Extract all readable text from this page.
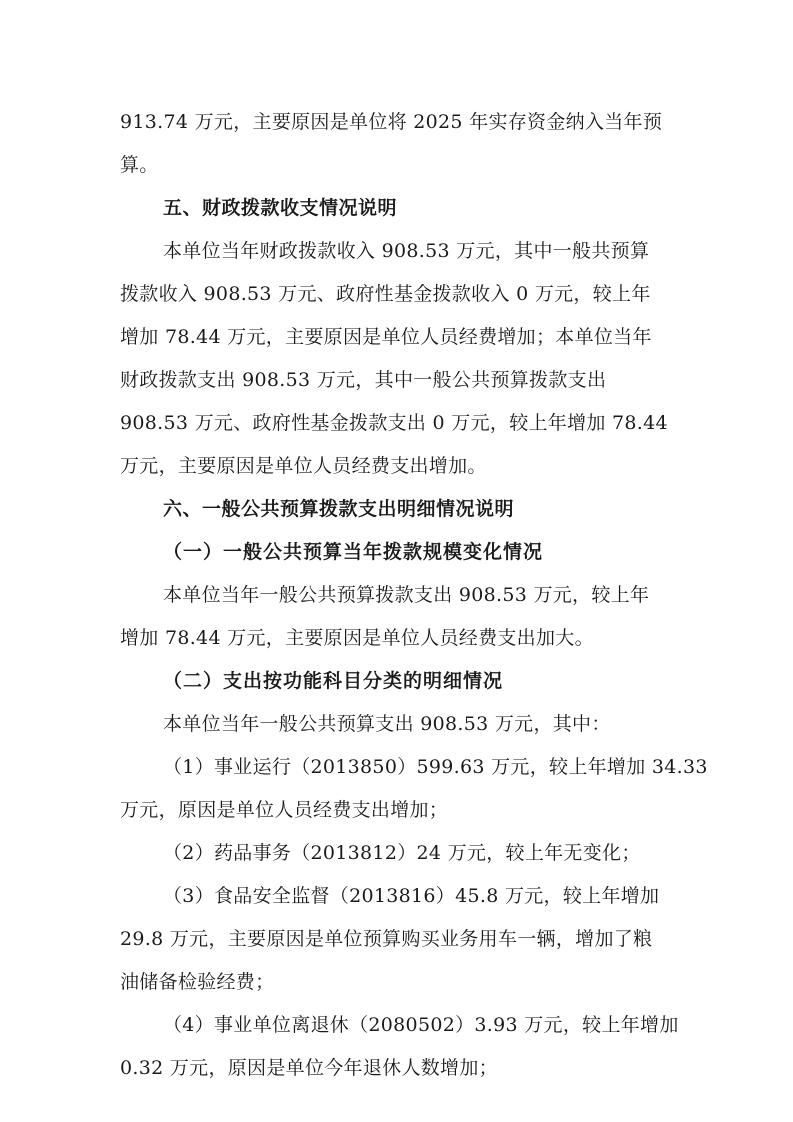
913.74 万元，主要原因是单位将 2025 年实存资金纳入当年预
算。
五、财政拨款收支情况说明
本单位当年财政拨款收入 908.53 万元，其中一般共预算
拨款收入 908.53 万元、政府性基金拨款收入 0 万元，较上年
增加 78.44 万元，主要原因是单位人员经费增加；本单位当年
财政拨款支出 908.53 万元，其中一般公共预算拨款支出
908.53 万元、政府性基金拨款支出 0 万元，较上年增加 78.44
万元，主要原因是单位人员经费支出增加。
六、一般公共预算拨款支出明细情况说明
（一）一般公共预算当年拨款规模变化情况
本单位当年一般公共预算拨款支出 908.53 万元，较上年
增加 78.44 万元，主要原因是单位人员经费支出加大。
（二）支出按功能科目分类的明细情况
本单位当年一般公共预算支出 908.53 万元，其中：
（1）事业运行（2013850）599.63 万元，较上年增加 34.33
万元，原因是单位人员经费支出增加；
（2）药品事务（2013812）24 万元，较上年无变化；
（3）食品安全监督（2013816）45.8 万元，较上年增加
29.8 万元，主要原因是单位预算购买业务用车一辆，增加了粮
油储备检验经费；
（4）事业单位离退休（2080502）3.93 万元，较上年增加
0.32 万元，原因是单位今年退休人数增加；
